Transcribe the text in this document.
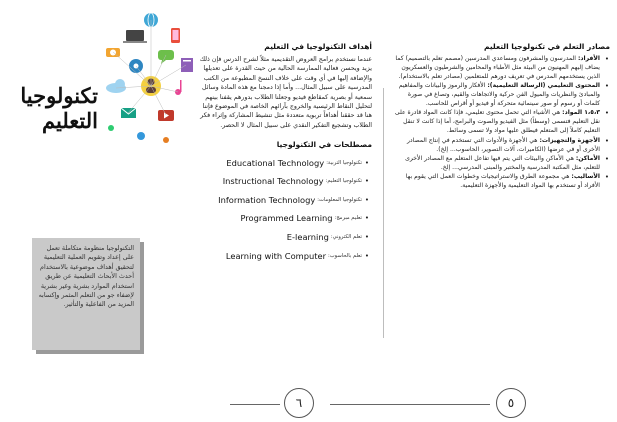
تكنولوجيا التعليم

التكنولوجيا منظومة متكاملة تعمل على إعداد وتقويم العملية التعليمية لتحقيق أهداف موضوعية بالاستخدام أحدث الأبحاث التعليمية عن طريق استخدام الموارد بشرية وغير بشرية لإضفاء جو من التعلم المثمر وإكسابه المزيد من الفاعلية والتأثير.

أهداف التكنولوجيا في التعليم

عندما نستخدم برامج العروض التقديمية مثلاً لشرح الدرس فإن ذلك يزيد ويحسن فعالية الممارسة الحالية من حيث القدرة على تعديلها والإضافة إليها في أي وقت على خلاف النسخ المطبوعة من الكتب المدرسية على سبيل المثال... وأما إذا دمجنا مع هذه المادة وسائل سمعية أو بصرية كمقاطع فيديو وجعلنا الطلاب بدورهم يقفنا بينهم لتحليل النقاط الرئيسية والخروج بآرائهم الخاصة في الموضوع فإننا هنا قد حققنا أهدافاً تربوية متعددة مثل تنشيط المشاركة وإثراء فكر الطلاب وتشجيع التفكير النقدي على سبيل المثال لا الحصر.

مصطلحات في التكنولوجيا
•
تكنولوجيا التربية:
Educational Technology
•
تكنولوجيا التعليم:
Instructional Technology
•
تكنولوجيا المعلومات:
Information Technology
•
تعليم مبرمج:
Programmed Learning
•
تعلم الكتروني:
E-learning
•
تعلم بالحاسوب:
Learning with Computer
مصادر التعلم في تكنولوجيا التعليم
•
الأفراد: المدرسون والمشرفون ومساعدي المدرسين (مصمم تعلم بالتصميم) كما يضاف إليهم المهنيون من البيئة مثل الأطباء والمحامين والشرطيون والعسكريون الذين يستخدمهم المدرس في تعريف دورهم للمتعلمين (مصادر تعلم بالاستخدام).
•
المحتوى التعليمي (الرسالة التعليمية): الأفكار والرموز والبيانات والمفاهيم والمبادئ والنظريات والميول الفن حركية والاتجاهات والقيم، وتصاغ في صورة كلمات أو رسوم أو صور سينمائية متحركة أو فيديو أو أقراص للحاسب.
•
١،٥،٣ المواد: هي الأشياء التي تحمل محتوى تعليمي، فإذا كانت المواد قادرة على نقل التعليم فتسمى (وسطاً) مثل الفيديو والصوت والبرامج، أما إذا كانت لا تنقل التعليم كاملاً إلى المتعلم فيطلق عليها مواد ولا تسمى وسائط.
•
الأجهزة والتجهيزات: هي الأجهزة والأدوات التي تستخدم في إنتاج المصادر الأخرى أو في عرضها (الكاميرات، آلات التصوير، الحاسوب... إلخ).
•
الأماكن: هي الأماكن والبيئات التي يتم فيها تفاعل المتعلم مع المصادر الأخرى للتعلم، مثل المكتبة المدرسية والمختبر والمبنى المدرسي... إلخ.
•
الأساليب: هي مجموعة الطرق والاستراتيجيات وخطوات العمل التي يقوم بها الأفراد أو تستخدم بها المواد التعليمية والأجهزة التعليمية.
٦	٥
